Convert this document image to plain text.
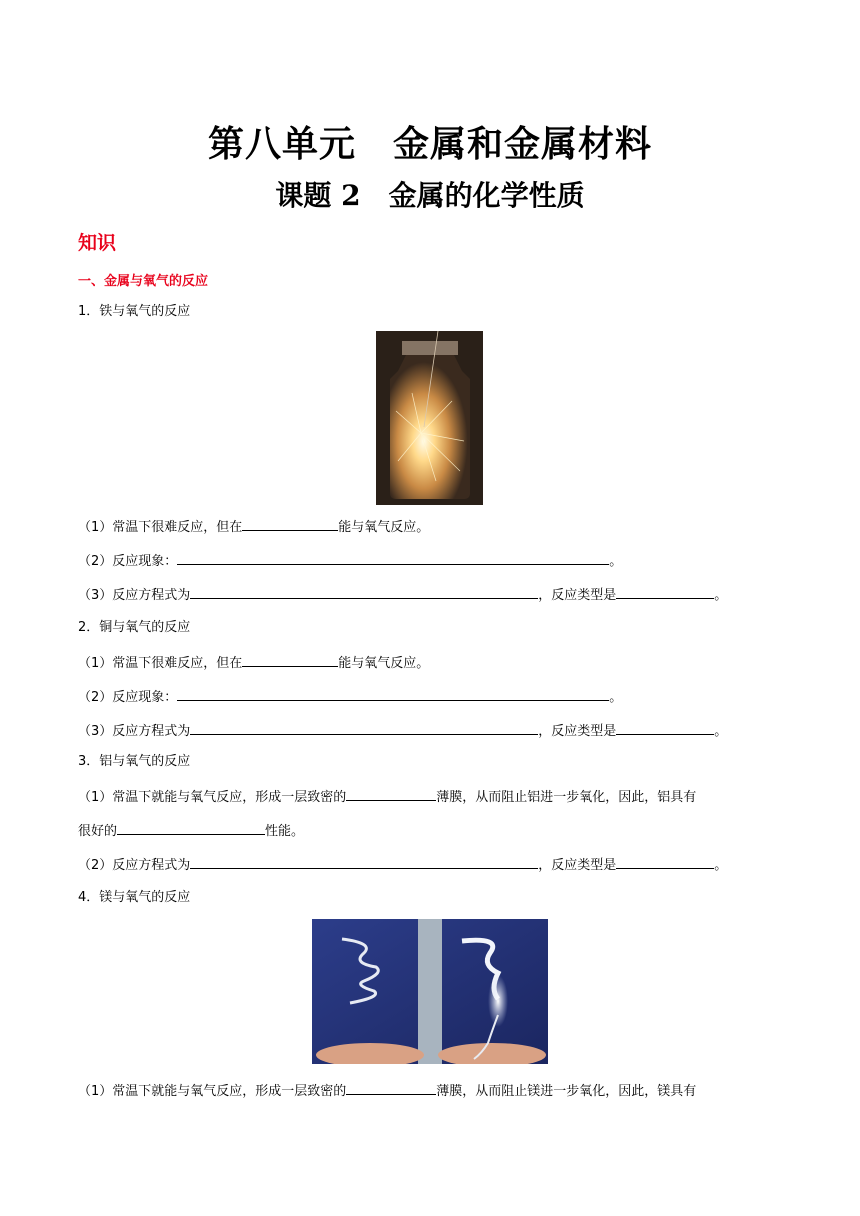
第八单元　金属和金属材料
课题 2　金属的化学性质
知识
一、金属与氧气的反应
1．铁与氧气的反应
（1）常温下很难反应，但在	能与氧气反应。
（2）反应现象：	。
（3）反应方程式为	，反应类型是	。
2．铜与氧气的反应
（1）常温下很难反应，但在	能与氧气反应。
（2）反应现象：	。
（3）反应方程式为	，反应类型是	。
3．铝与氧气的反应
（1）常温下就能与氧气反应，形成一层致密的	薄膜，从而阻止铝进一步氧化，因此，铝具有
很好的	性能。
（2）反应方程式为	，反应类型是	。
4．镁与氧气的反应
（1）常温下就能与氧气反应，形成一层致密的	薄膜，从而阻止镁进一步氧化，因此，镁具有
